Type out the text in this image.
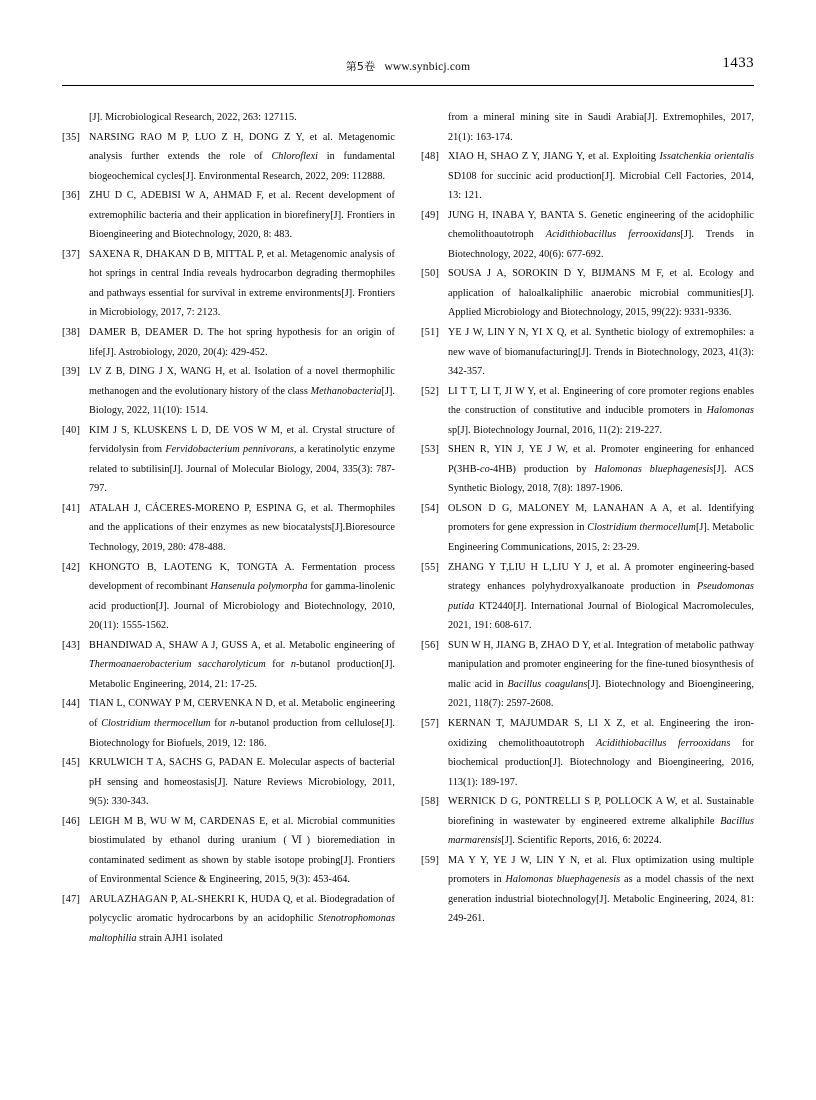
第5卷 www.synbicj.com	1433
[J]. Microbiological Research, 2022, 263: 127115.
[35] NARSING RAO M P, LUO Z H, DONG Z Y, et al. Metagenomic analysis further extends the role of Chloroflexi in fundamental biogeochemical cycles[J]. Environmental Research, 2022, 209: 112888.
[36] ZHU D C, ADEBISI W A, AHMAD F, et al. Recent development of extremophilic bacteria and their application in biorefinery[J]. Frontiers in Bioengineering and Biotechnology, 2020, 8: 483.
[37] SAXENA R, DHAKAN D B, MITTAL P, et al. Metagenomic analysis of hot springs in central India reveals hydrocarbon degrading thermophiles and pathways essential for survival in extreme environments[J]. Frontiers in Microbiology, 2017, 7: 2123.
[38] DAMER B, DEAMER D. The hot spring hypothesis for an origin of life[J]. Astrobiology, 2020, 20(4): 429-452.
[39] LV Z B, DING J X, WANG H, et al. Isolation of a novel thermophilic methanogen and the evolutionary history of the class Methanobacteria[J]. Biology, 2022, 11(10): 1514.
[40] KIM J S, KLUSKENS L D, DE VOS W M, et al. Crystal structure of fervidolysin from Fervidobacterium pennivorans, a keratinolytic enzyme related to subtilisin[J]. Journal of Molecular Biology, 2004, 335(3): 787-797.
[41] ATALAH J, CÁCERES-MORENO P, ESPINA G, et al. Thermophiles and the applications of their enzymes as new biocatalysts[J].Bioresource Technology, 2019, 280: 478-488.
[42] KHONGTO B, LAOTENG K, TONGTA A. Fermentation process development of recombinant Hansenula polymorpha for gamma-linolenic acid production[J]. Journal of Microbiology and Biotechnology, 2010, 20(11): 1555-1562.
[43] BHANDIWAD A, SHAW A J, GUSS A, et al. Metabolic engineering of Thermoanaerobacterium saccharolyticum for n-butanol production[J]. Metabolic Engineering, 2014, 21: 17-25.
[44] TIAN L, CONWAY P M, CERVENKA N D, et al. Metabolic engineering of Clostridium thermocellum for n-butanol production from cellulose[J]. Biotechnology for Biofuels, 2019, 12: 186.
[45] KRULWICH T A, SACHS G, PADAN E. Molecular aspects of bacterial pH sensing and homeostasis[J]. Nature Reviews Microbiology, 2011, 9(5): 330-343.
[46] LEIGH M B, WU W M, CARDENAS E, et al. Microbial communities biostimulated by ethanol during uranium (Ⅵ) bioremediation in contaminated sediment as shown by stable isotope probing[J]. Frontiers of Environmental Science & Engineering, 2015, 9(3): 453-464.
[47] ARULAZHAGAN P, AL-SHEKRI K, HUDA Q, et al. Biodegradation of polycyclic aromatic hydrocarbons by an acidophilic Stenotrophomonas maltophilia strain AJH1 isolated
from a mineral mining site in Saudi Arabia[J]. Extremophiles, 2017, 21(1): 163-174.
[48] XIAO H, SHAO Z Y, JIANG Y, et al. Exploiting Issatchenkia orientalis SD108 for succinic acid production[J]. Microbial Cell Factories, 2014, 13: 121.
[49] JUNG H, INABA Y, BANTA S. Genetic engineering of the acidophilic chemolithoautotroph Acidithiobacillus ferrooxidans[J]. Trends in Biotechnology, 2022, 40(6): 677-692.
[50] SOUSA J A, SOROKIN D Y, BIJMANS M F, et al. Ecology and application of haloalkaliphilic anaerobic microbial communities[J]. Applied Microbiology and Biotechnology, 2015, 99(22): 9331-9336.
[51] YE J W, LIN Y N, YI X Q, et al. Synthetic biology of extremophiles: a new wave of biomanufacturing[J]. Trends in Biotechnology, 2023, 41(3): 342-357.
[52] LI T T, LI T, JI W Y, et al. Engineering of core promoter regions enables the construction of constitutive and inducible promoters in Halomonas sp[J]. Biotechnology Journal, 2016, 11(2): 219-227.
[53] SHEN R, YIN J, YE J W, et al. Promoter engineering for enhanced P(3HB-co-4HB) production by Halomonas bluephagenesis[J]. ACS Synthetic Biology, 2018, 7(8): 1897-1906.
[54] OLSON D G, MALONEY M, LANAHAN A A, et al. Identifying promoters for gene expression in Clostridium thermocellum[J]. Metabolic Engineering Communications, 2015, 2: 23-29.
[55] ZHANG Y T,LIU H L,LIU Y J, et al. A promoter engineering-based strategy enhances polyhydroxyalkanoate production in Pseudomonas putida KT2440[J]. International Journal of Biological Macromolecules, 2021, 191: 608-617.
[56] SUN W H, JIANG B, ZHAO D Y, et al. Integration of metabolic pathway manipulation and promoter engineering for the fine-tuned biosynthesis of malic acid in Bacillus coagulans[J]. Biotechnology and Bioengineering, 2021, 118(7): 2597-2608.
[57] KERNAN T, MAJUMDAR S, LI X Z, et al. Engineering the iron-oxidizing chemolithoautotroph Acidithiobacillus ferrooxidans for biochemical production[J]. Biotechnology and Bioengineering, 2016, 113(1): 189-197.
[58] WERNICK D G, PONTRELLI S P, POLLOCK A W, et al. Sustainable biorefining in wastewater by engineered extreme alkaliphile Bacillus marmarensis[J]. Scientific Reports, 2016, 6: 20224.
[59] MA Y Y, YE J W, LIN Y N, et al. Flux optimization using multiple promoters in Halomonas bluephagenesis as a model chassis of the next generation industrial biotechnology[J]. Metabolic Engineering, 2024, 81: 249-261.
